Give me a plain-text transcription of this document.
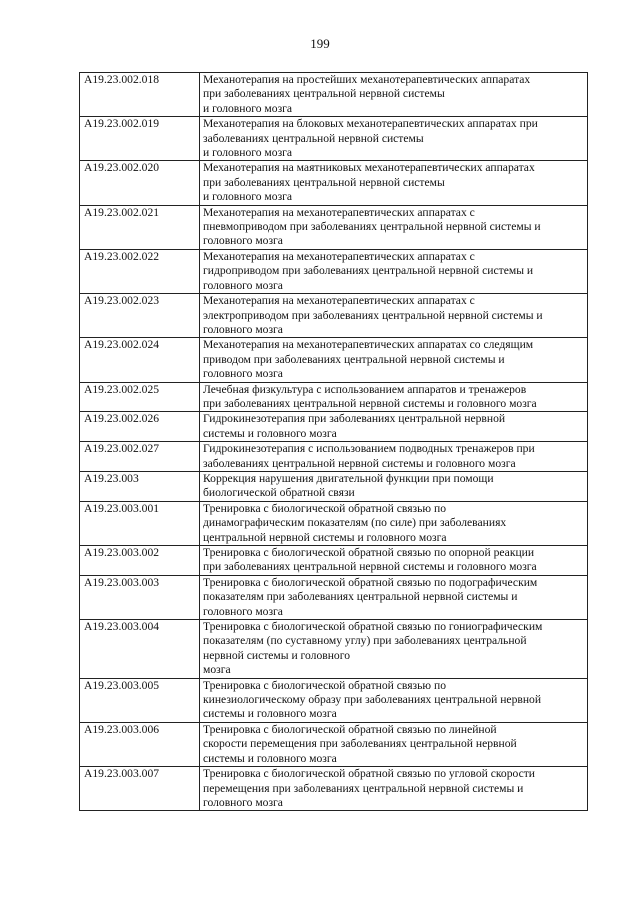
199
A19.23.002.018	Механотерапия на простейших механотерапевтических аппаратах
при заболеваниях центральной нервной системы
и головного мозга

A19.23.002.019	Механотерапия на блоковых механотерапевтических аппаратах при
заболеваниях центральной нервной системы
и головного мозга

A19.23.002.020	Механотерапия на маятниковых механотерапевтических аппаратах
при заболеваниях центральной нервной системы
и головного мозга

A19.23.002.021	Механотерапия на механотерапевтических аппаратах с
пневмоприводом при заболеваниях центральной нервной системы и
головного мозга

A19.23.002.022	Механотерапия на механотерапевтических аппаратах с
гидроприводом при заболеваниях центральной нервной системы и
головного мозга

A19.23.002.023	Механотерапия на механотерапевтических аппаратах с
электроприводом при заболеваниях центральной нервной системы и
головного мозга

A19.23.002.024	Механотерапия на механотерапевтических аппаратах со следящим
приводом при заболеваниях центральной нервной системы и
головного мозга

A19.23.002.025	Лечебная физкультура с использованием аппаратов и тренажеров
при заболеваниях центральной нервной системы и головного мозга

A19.23.002.026	Гидрокинезотерапия при заболеваниях центральной нервной
системы и головного мозга

A19.23.002.027	Гидрокинезотерапия с использованием подводных тренажеров при
заболеваниях центральной нервной системы и головного мозга

A19.23.003	Коррекция нарушения двигательной функции при помощи
биологической обратной связи

A19.23.003.001	Тренировка с биологической обратной связью по
динамографическим показателям (по силе) при заболеваниях
центральной нервной системы и головного мозга

A19.23.003.002	Тренировка с биологической обратной связью по опорной реакции
при заболеваниях центральной нервной системы и головного мозга

A19.23.003.003	Тренировка с биологической обратной связью по подографическим
показателям при заболеваниях центральной нервной системы и
головного мозга

A19.23.003.004	Тренировка с биологической обратной связью по гониографическим
показателям (по суставному углу) при заболеваниях центральной
нервной системы и головного
мозга

A19.23.003.005	Тренировка с биологической обратной связью по
кинезиологическому образу при заболеваниях центральной нервной
системы и головного мозга

A19.23.003.006	Тренировка с биологической обратной связью по линейной
скорости перемещения при заболеваниях центральной нервной
системы и головного мозга

A19.23.003.007	Тренировка с биологической обратной связью по угловой скорости
перемещения при заболеваниях центральной нервной системы и
головного мозга
